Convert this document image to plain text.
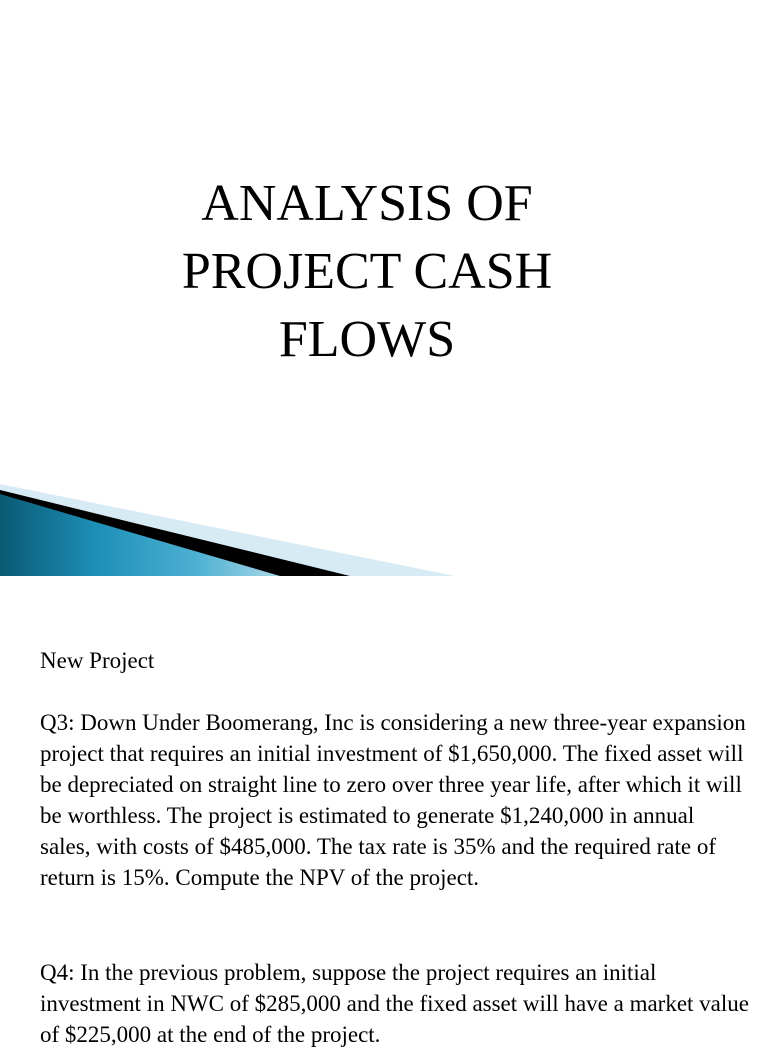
ANALYSIS OF
PROJECT CASH
FLOWS

New Project

Q3: Down Under Boomerang, Inc is considering a new three-year expansion project that requires an initial investment of $1,650,000. The fixed asset will be depreciated on straight line to zero over three year life, after which it will be worthless. The project is estimated to generate $1,240,000 in annual sales, with costs of $485,000. The tax rate is 35% and the required rate of return is 15%. Compute the NPV of the project.

Q4: In the previous problem, suppose the project requires an initial investment in NWC of $285,000 and the fixed asset will have a market value of $225,000 at the end of the project.
